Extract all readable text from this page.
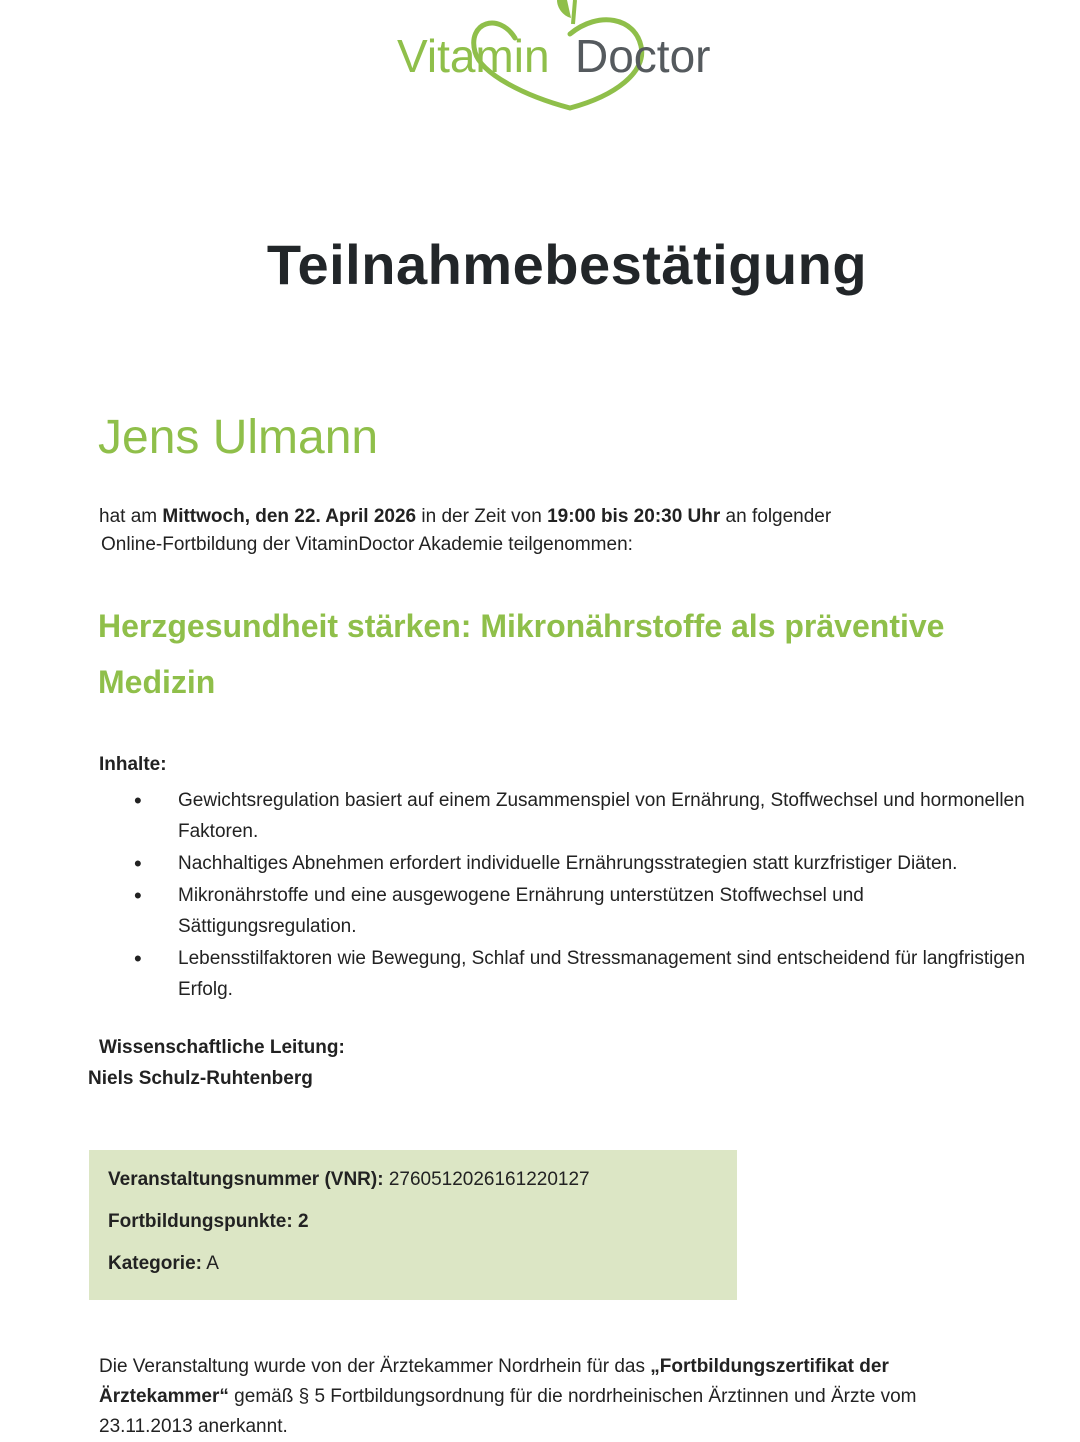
Vitamin Doctor
Teilnahmebestätigung
Jens Ulmann
hat am Mittwoch, den 22. April 2026 in der Zeit von 19:00 bis 20:30 Uhr an folgender
Online-Fortbildung der VitaminDoctor Akademie teilgenommen:
Herzgesundheit stärken: Mikronährstoffe als präventive Medizin
Inhalte:
• Gewichtsregulation basiert auf einem Zusammenspiel von Ernährung, Stoffwechsel und hormonellen Faktoren.
• Nachhaltiges Abnehmen erfordert individuelle Ernährungsstrategien statt kurzfristiger Diäten.
• Mikronährstoffe und eine ausgewogene Ernährung unterstützen Stoffwechsel und Sättigungsregulation.
• Lebensstilfaktoren wie Bewegung, Schlaf und Stressmanagement sind entscheidend für langfristigen Erfolg.
Wissenschaftliche Leitung:
Niels Schulz-Ruhtenberg
Veranstaltungsnummer (VNR): 2760512026161220127
Fortbildungspunkte: 2
Kategorie: A
Die Veranstaltung wurde von der Ärztekammer Nordrhein für das „Fortbildungszertifikat der Ärztekammer“ gemäß § 5 Fortbildungsordnung für die nordrheinischen Ärztinnen und Ärzte vom 23.11.2013 anerkannt.
